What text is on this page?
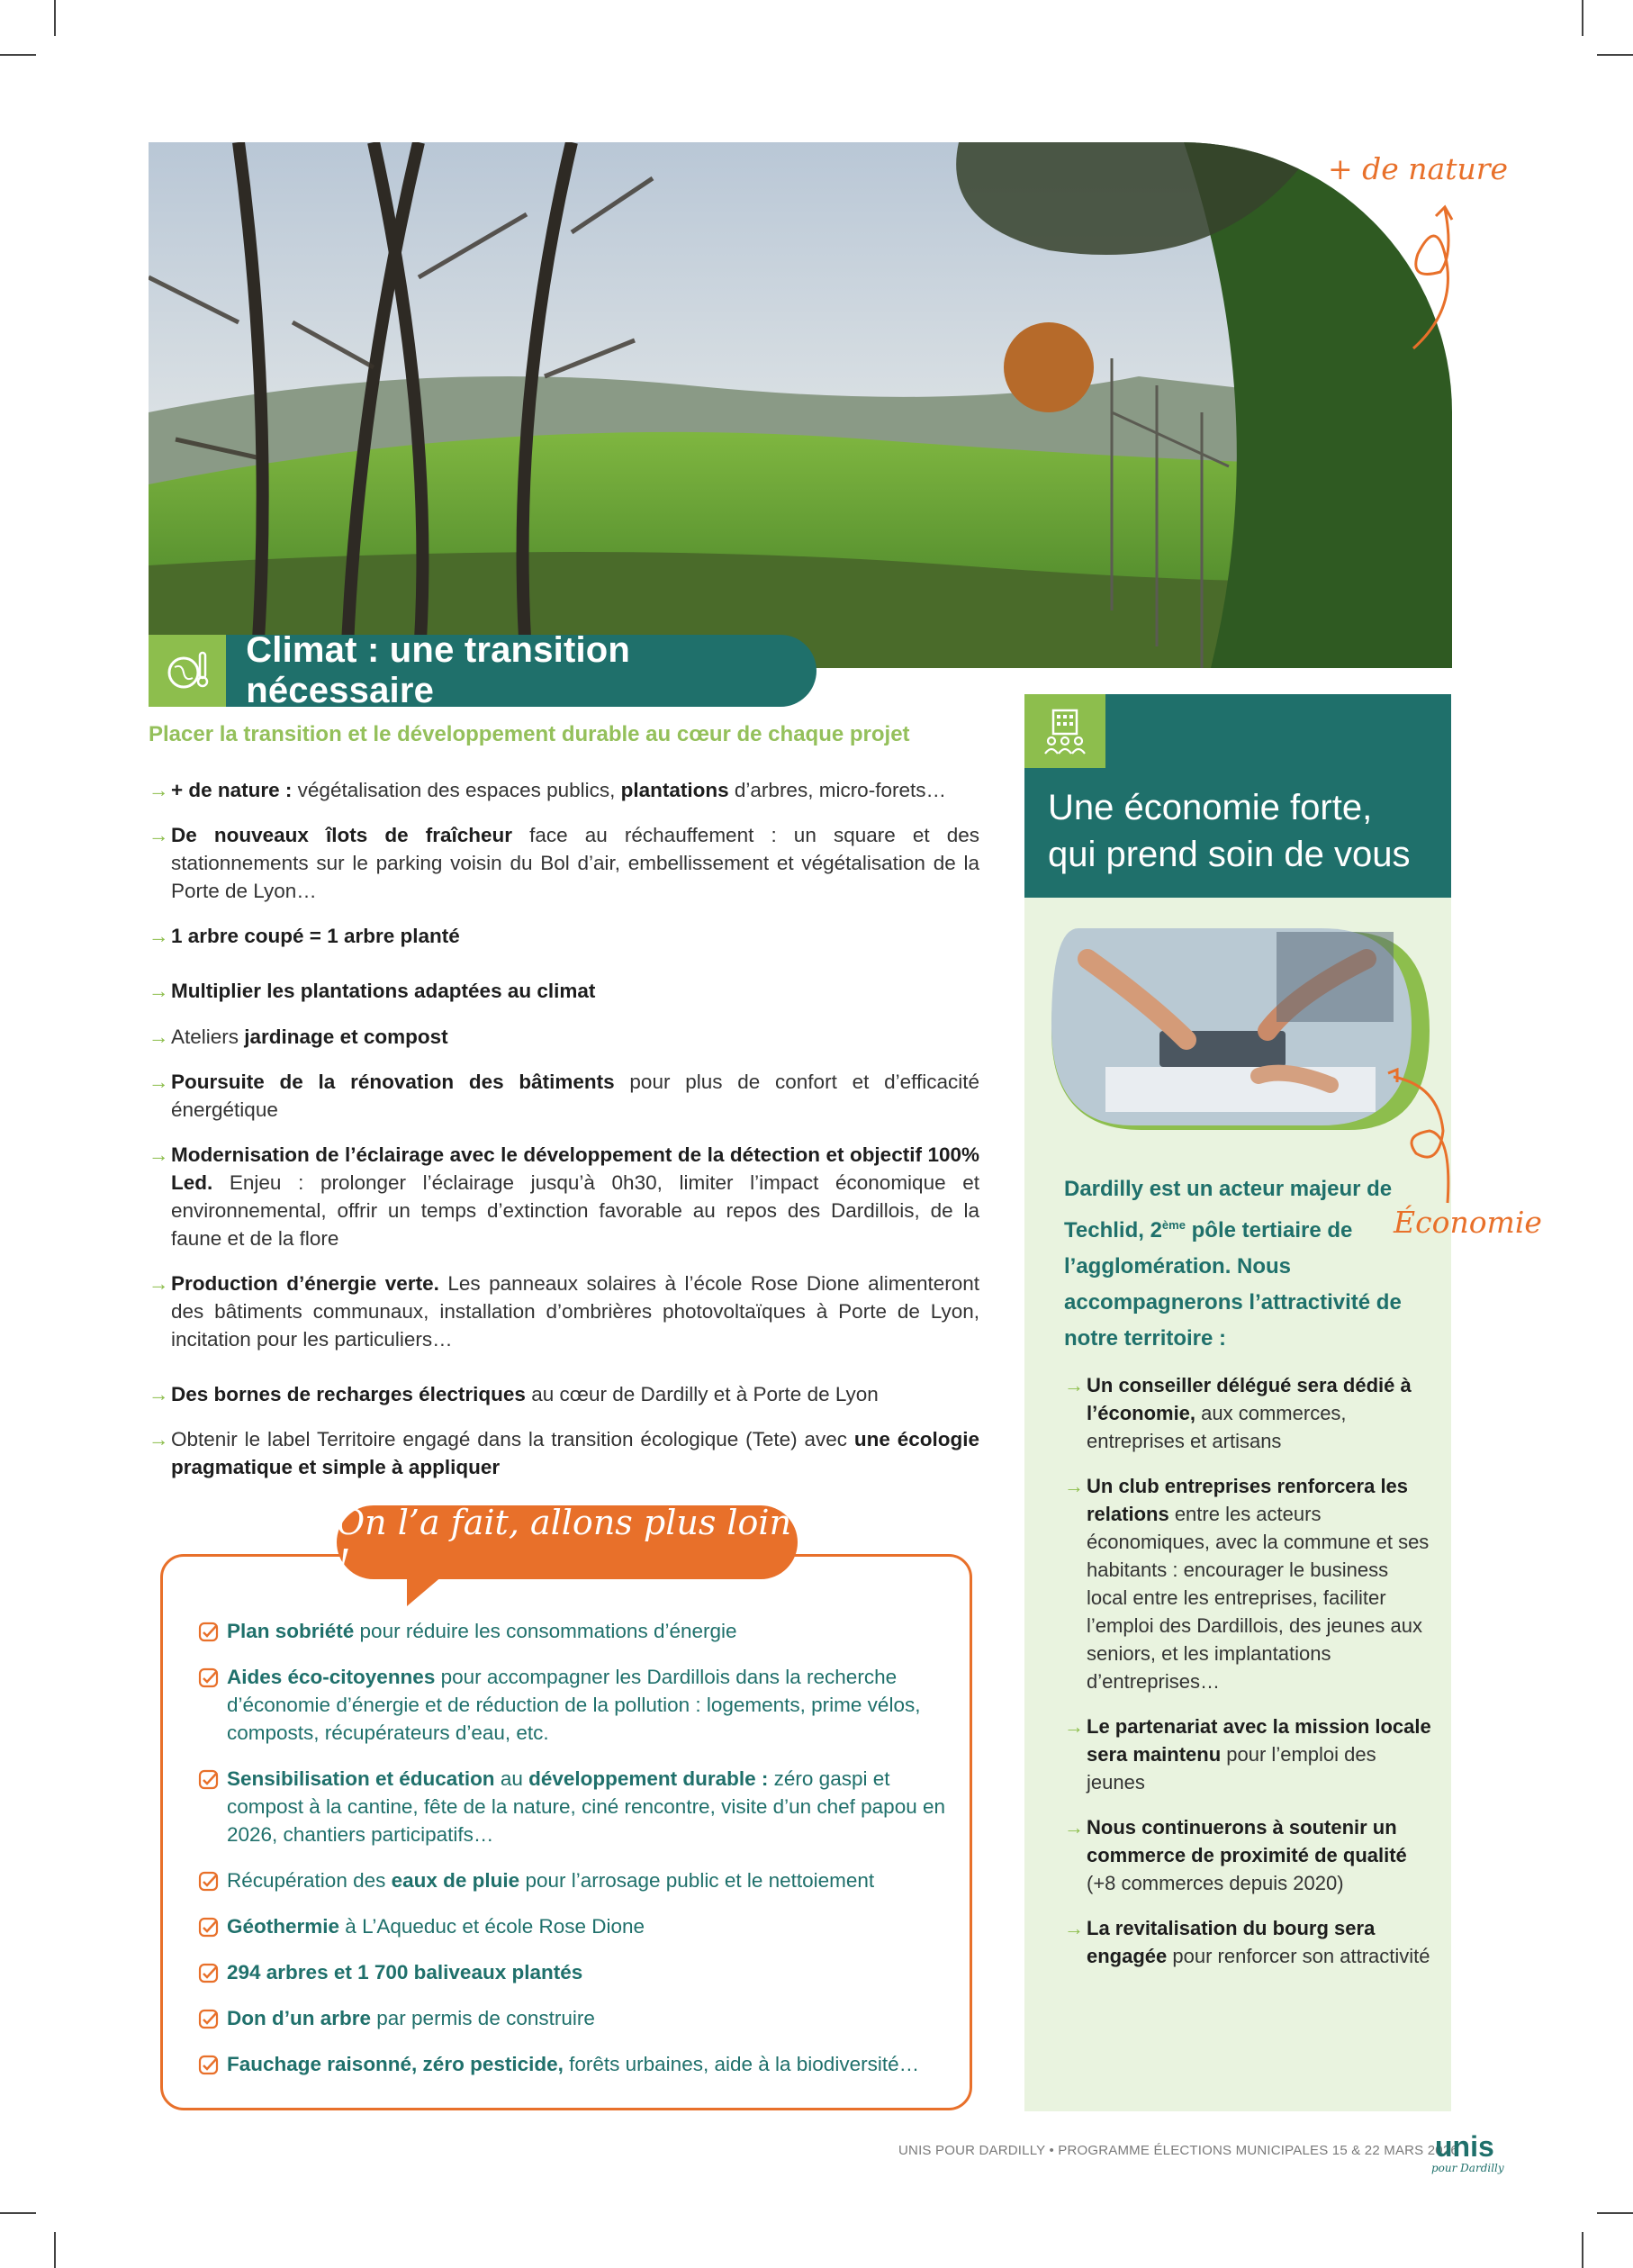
+ de nature
Climat : une transition nécessaire
Placer la transition et le développement durable au cœur de chaque projet
→ + de nature : végétalisation des espaces publics, plantations d’arbres, micro-forets…
→ De nouveaux îlots de fraîcheur face au réchauffement : un square et des stationnements sur le parking voisin du Bol d’air, embellissement et végétalisation de la Porte de Lyon…
→ 1 arbre coupé = 1 arbre planté
→ Multiplier les plantations adaptées au climat
→ Ateliers jardinage et compost
→ Poursuite de la rénovation des bâtiments pour plus de confort et d’efficacité énergétique
→ Modernisation de l’éclairage avec le développement de la détection et objectif 100% Led. Enjeu : prolonger l’éclairage jusqu’à 0h30, limiter l’impact économique et environnemental, offrir un temps d’extinction favorable au repos des Dardillois, de la faune et de la flore
→ Production d’énergie verte. Les panneaux solaires à l’école Rose Dione alimenteront des bâtiments communaux, installation d’ombrières photovoltaïques à Porte de Lyon, incitation pour les particuliers…
→ Des bornes de recharges électriques au cœur de Dardilly et à Porte de Lyon
→ Obtenir le label Territoire engagé dans la transition écologique (Tete) avec une écologie pragmatique et simple à appliquer
On l’a fait, allons plus loin !
Plan sobriété pour réduire les consommations d’énergie
Aides éco-citoyennes pour accompagner les Dardillois dans la recherche d’économie d’énergie et de réduction de la pollution : logements, prime vélos, composts, récupérateurs d’eau, etc.
Sensibilisation et éducation au développement durable : zéro gaspi et compost à la cantine, fête de la nature, ciné rencontre, visite d’un chef papou en 2026, chantiers participatifs…
Récupération des eaux de pluie pour l’arrosage public et le nettoiement
Géothermie à L’Aqueduc et école Rose Dione
294 arbres et 1 700 baliveaux plantés
Don d’un arbre par permis de construire
Fauchage raisonné, zéro pesticide, forêts urbaines, aide à la biodiversité…
Une économie forte,
qui prend soin de vous
Dardilly est un acteur majeur de Techlid, 2ème pôle tertiaire de l’agglomération. Nous accompagnerons l’attractivité de notre territoire :
→ Un conseiller délégué sera dédié à l’économie, aux commerces, entreprises et artisans
→ Un club entreprises renforcera les relations entre les acteurs économiques, avec la commune et ses habitants : encourager le business local entre les entreprises, faciliter l’emploi des Dardillois, des jeunes aux seniors, et les implantations d’entreprises…
→ Le partenariat avec la mission locale sera maintenu pour l’emploi des jeunes
→ Nous continuerons à soutenir un commerce de proximité de qualité (+8 commerces depuis 2020)
→ La revitalisation du bourg sera engagée pour renforcer son attractivité
Économie
UNIS POUR DARDILLY • PROGRAMME ÉLECTIONS MUNICIPALES 15 & 22 MARS 2026
unis
pour Dardilly
